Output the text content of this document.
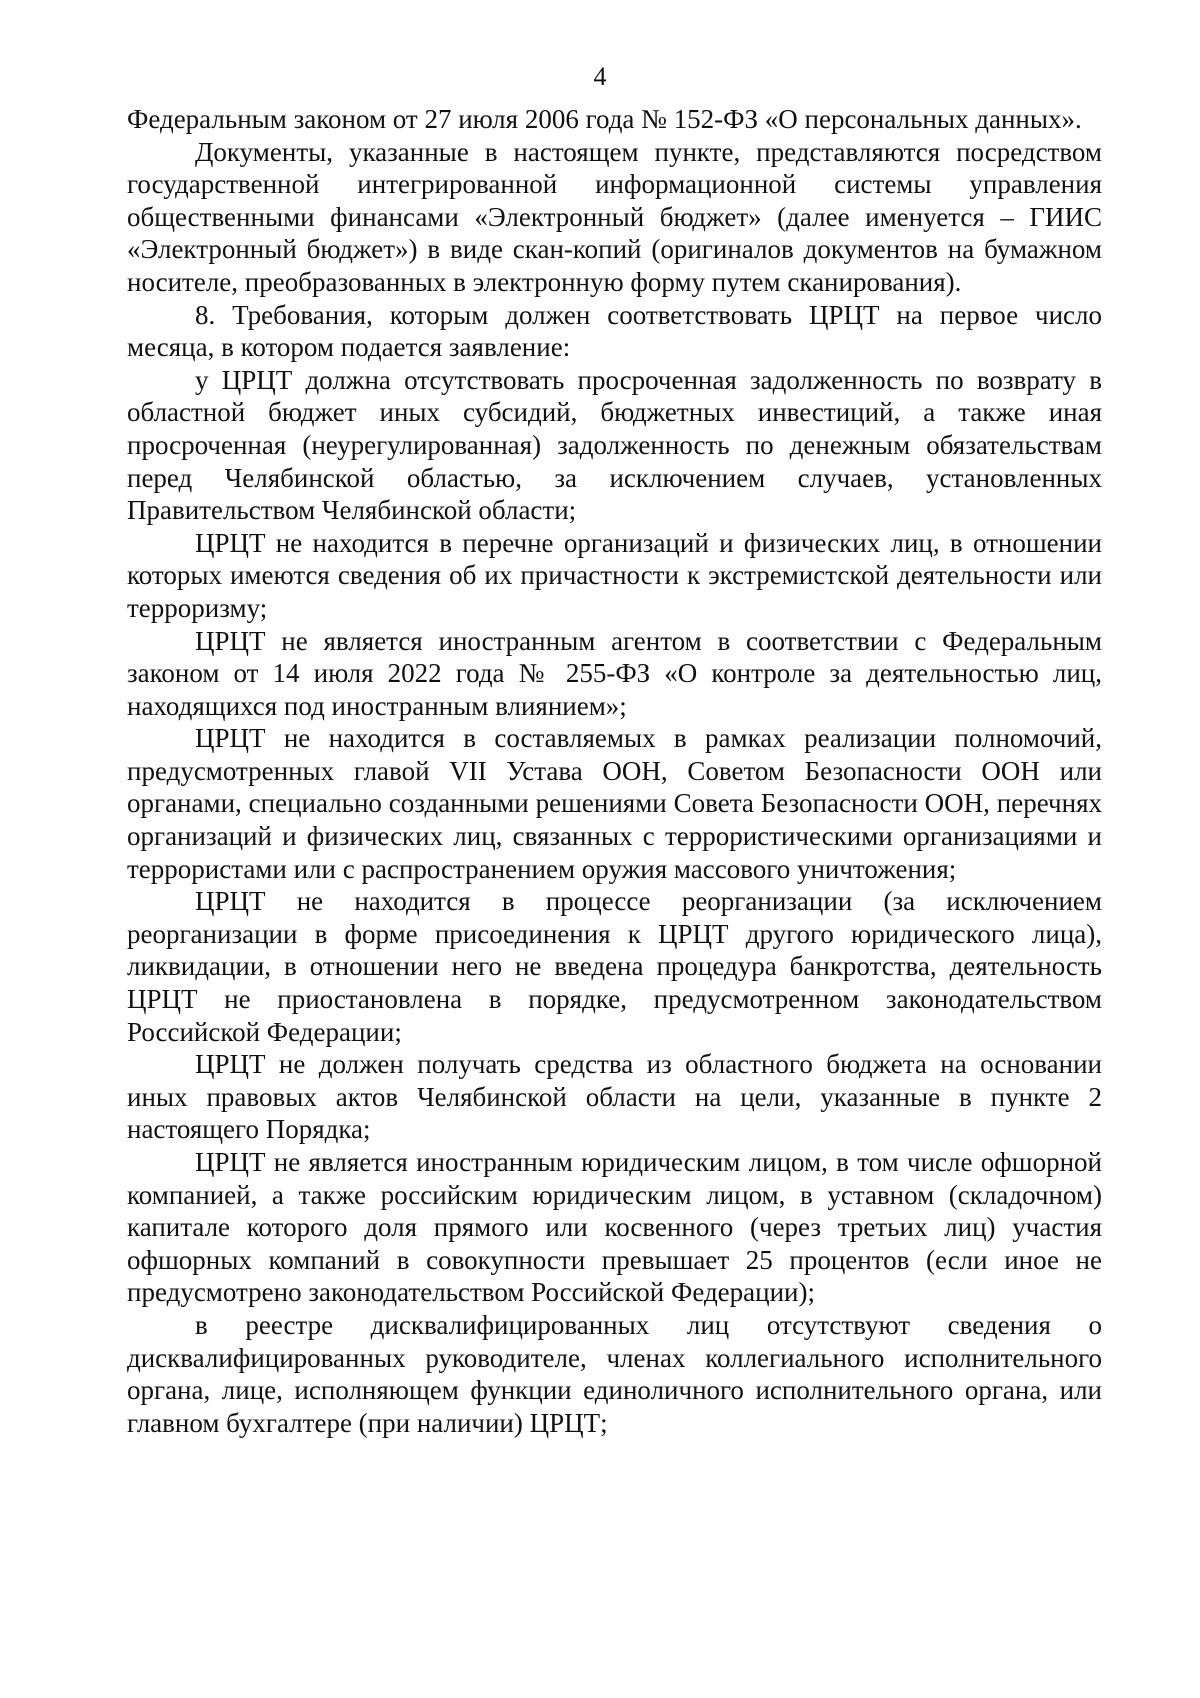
4

Федеральным законом от 27 июля 2006 года № 152-ФЗ «О персональных данных».

Документы, указанные в настоящем пункте, представляются посредством государственной интегрированной информационной системы управления общественными финансами «Электронный бюджет» (далее именуется – ГИИС «Электронный бюджет») в виде скан-копий (оригиналов документов на бумажном носителе, преобразованных в электронную форму путем сканирования).

8. Требования, которым должен соответствовать ЦРЦТ на первое число месяца, в котором подается заявление:

у ЦРЦТ должна отсутствовать просроченная задолженность по возврату в областной бюджет иных субсидий, бюджетных инвестиций, а также иная просроченная (неурегулированная) задолженность по денежным обязательствам перед Челябинской областью, за исключением случаев, установленных Правительством Челябинской области;

ЦРЦТ не находится в перечне организаций и физических лиц, в отношении которых имеются сведения об их причастности к экстремистской деятельности или терроризму;

ЦРЦТ не является иностранным агентом в соответствии с Федеральным законом от 14 июля 2022 года № 255-ФЗ «О контроле за деятельностью лиц, находящихся под иностранным влиянием»;

ЦРЦТ не находится в составляемых в рамках реализации полномочий, предусмотренных главой VII Устава ООН, Советом Безопасности ООН или органами, специально созданными решениями Совета Безопасности ООН, перечнях организаций и физических лиц, связанных с террористическими организациями и террористами или с распространением оружия массового уничтожения;

ЦРЦТ не находится в процессе реорганизации (за исключением реорганизации в форме присоединения к ЦРЦТ другого юридического лица), ликвидации, в отношении него не введена процедура банкротства, деятельность ЦРЦТ не приостановлена в порядке, предусмотренном законодательством Российской Федерации;

ЦРЦТ не должен получать средства из областного бюджета на основании иных правовых актов Челябинской области на цели, указанные в пункте 2 настоящего Порядка;

ЦРЦТ не является иностранным юридическим лицом, в том числе офшорной компанией, а также российским юридическим лицом, в уставном (складочном) капитале которого доля прямого или косвенного (через третьих лиц) участия офшорных компаний в совокупности превышает 25 процентов (если иное не предусмотрено законодательством Российской Федерации);

в реестре дисквалифицированных лиц отсутствуют сведения о дисквалифицированных руководителе, членах коллегиального исполнительного органа, лице, исполняющем функции единоличного исполнительного органа, или главном бухгалтере (при наличии) ЦРЦТ;
